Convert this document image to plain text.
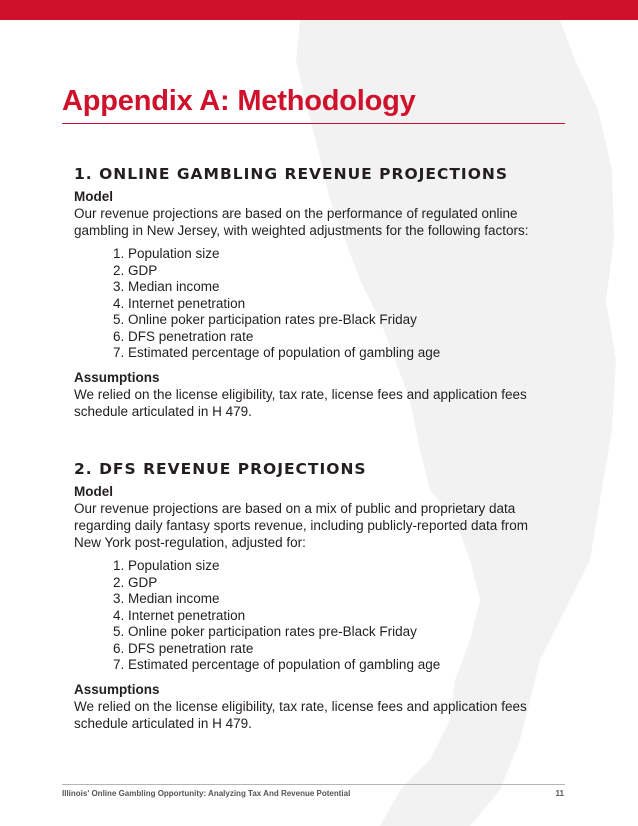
Appendix A: Methodology
1. ONLINE GAMBLING REVENUE PROJECTIONS
Model

Our revenue projections are based on the performance of regulated online gambling in New Jersey, with weighted adjustments for the following factors:

1. Population size
2. GDP
3. Median income
4. Internet penetration
5. Online poker participation rates pre-Black Friday
6. DFS penetration rate
7. Estimated percentage of population of gambling age
Assumptions

We relied on the license eligibility, tax rate, license fees and application fees schedule articulated in H 479.

2. DFS REVENUE PROJECTIONS
Model

Our revenue projections are based on a mix of public and proprietary data regarding daily fantasy sports revenue, including publicly-reported data from New York post-regulation, adjusted for:

1. Population size
2. GDP
3. Median income
4. Internet penetration
5. Online poker participation rates pre-Black Friday
6. DFS penetration rate
7. Estimated percentage of population of gambling age
Assumptions

We relied on the license eligibility, tax rate, license fees and application fees schedule articulated in H 479.

Illinois' Online Gambling Opportunity: Analyzing Tax And Revenue Potential	11
